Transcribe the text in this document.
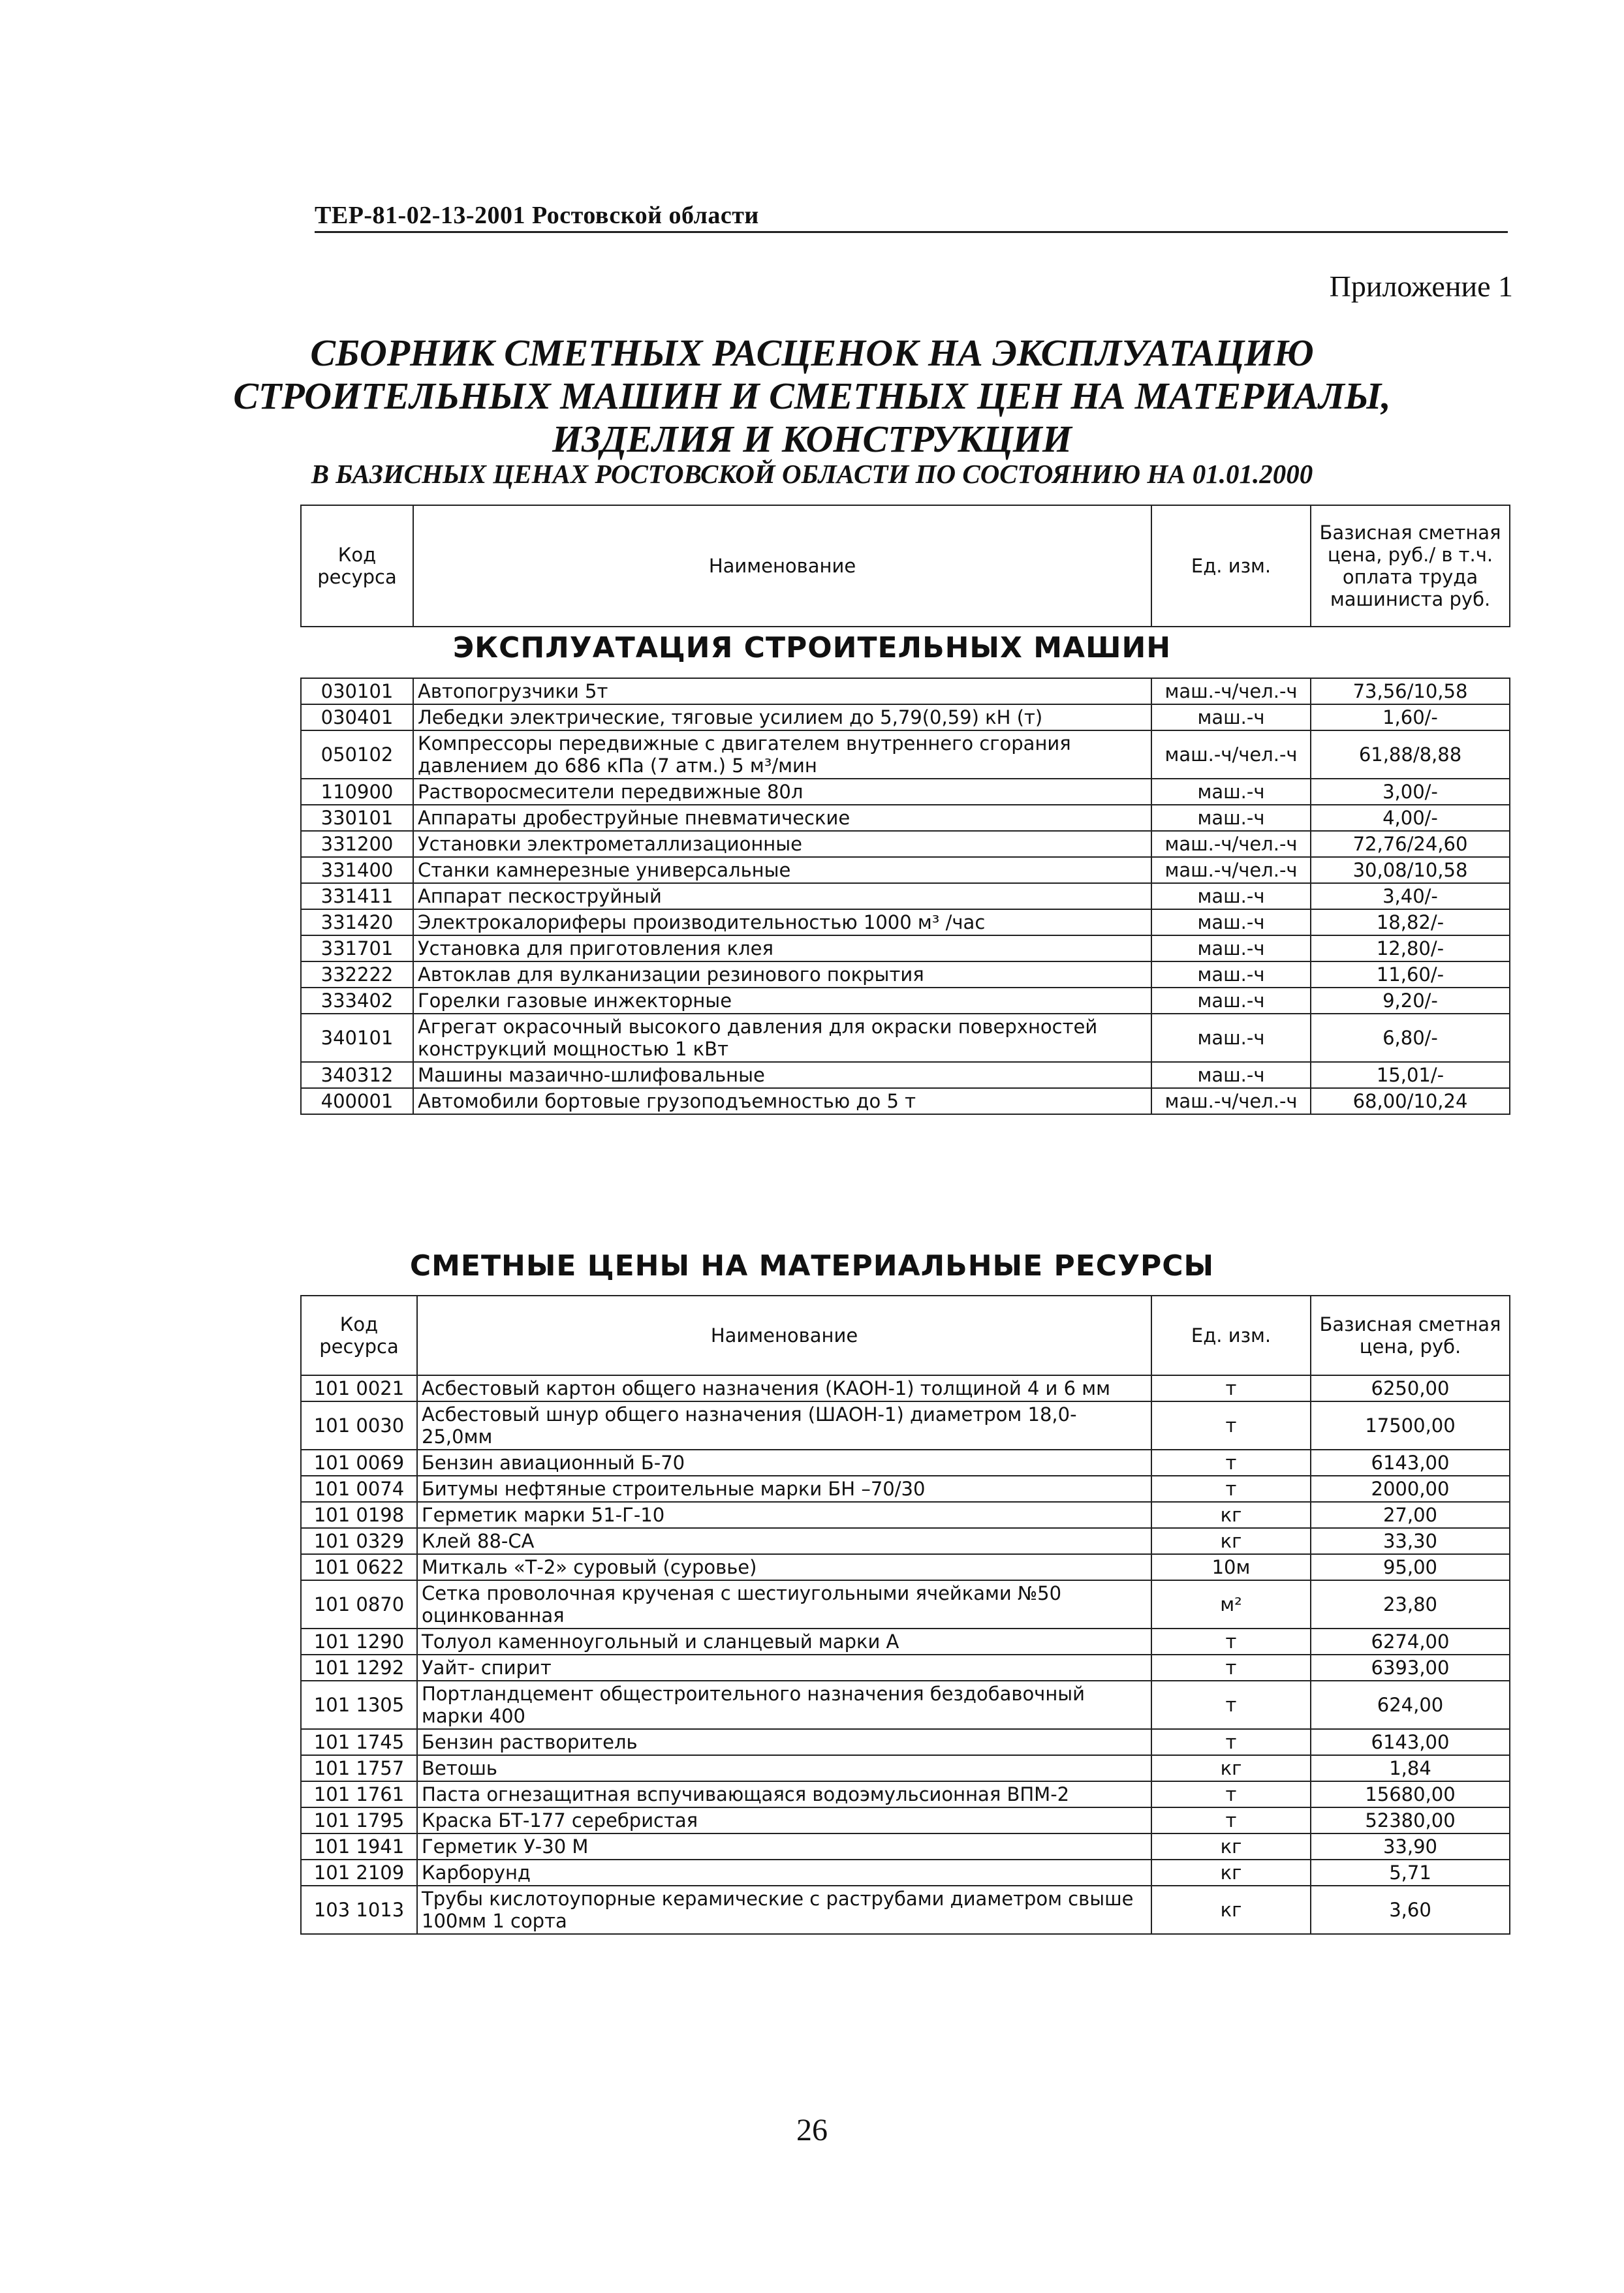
ТЕР-81-02-13-2001 Ростовской области
Приложение 1
СБОРНИК СМЕТНЫХ РАСЦЕНОК НА ЭКСПЛУАТАЦИЮ
СТРОИТЕЛЬНЫХ МАШИН И СМЕТНЫХ ЦЕН НА МАТЕРИАЛЫ,
ИЗДЕЛИЯ И КОНСТРУКЦИИ
В БАЗИСНЫХ ЦЕНАХ РОСТОВСКОЙ ОБЛАСТИ ПО СОСТОЯНИЮ НА 01.01.2000
Код ресурса	Наименование	Ед. изм.	Базисная сметная цена, руб./ в т.ч. оплата труда машиниста руб.
ЭКСПЛУАТАЦИЯ СТРОИТЕЛЬНЫХ МАШИН
030101	Автопогрузчики 5т	маш.-ч/чел.-ч	73,56/10,58
030401	Лебедки электрические, тяговые усилием до 5,79(0,59) кН (т)	маш.-ч	1,60/-
050102	Компрессоры передвижные с двигателем внутреннего сгорания давлением до 686 кПа (7 атм.) 5 м³/мин	маш.-ч/чел.-ч	61,88/8,88
110900	Растворосмесители передвижные 80л	маш.-ч	3,00/-
330101	Аппараты дробеструйные пневматические	маш.-ч	4,00/-
331200	Установки электрометаллизационные	маш.-ч/чел.-ч	72,76/24,60
331400	Станки камнерезные универсальные	маш.-ч/чел.-ч	30,08/10,58
331411	Аппарат пескоструйный	маш.-ч	3,40/-
331420	Электрокалориферы производительностью 1000 м³ /час	маш.-ч	18,82/-
331701	Установка для приготовления клея	маш.-ч	12,80/-
332222	Автоклав для вулканизации резинового покрытия	маш.-ч	11,60/-
333402	Горелки газовые инжекторные	маш.-ч	9,20/-
340101	Агрегат окрасочный высокого давления для окраски поверхностей конструкций мощностью 1 кВт	маш.-ч	6,80/-
340312	Машины мазаично-шлифовальные	маш.-ч	15,01/-
400001	Автомобили бортовые грузоподъемностью до 5 т	маш.-ч/чел.-ч	68,00/10,24
СМЕТНЫЕ ЦЕНЫ НА МАТЕРИАЛЬНЫЕ РЕСУРСЫ
Код ресурса	Наименование	Ед. изм.	Базисная сметная цена, руб.
101 0021	Асбестовый картон общего назначения (КАОН-1) толщиной 4 и 6 мм	т	6250,00
101 0030	Асбестовый шнур общего назначения (ШАОН-1) диаметром 18,0-25,0мм	т	17500,00
101 0069	Бензин авиационный Б-70	т	6143,00
101 0074	Битумы нефтяные строительные марки БН –70/30	т	2000,00
101 0198	Герметик марки 51-Г-10	кг	27,00
101 0329	Клей 88-СА	кг	33,30
101 0622	Миткаль «Т-2» суровый (суровье)	10м	95,00
101 0870	Сетка проволочная крученая с шестиугольными ячейками №50 оцинкованная	м²	23,80
101 1290	Толуол каменноугольный и сланцевый марки А	т	6274,00
101 1292	Уайт- спирит	т	6393,00
101 1305	Портландцемент общестроительного назначения бездобавочный марки 400	т	624,00
101 1745	Бензин растворитель	т	6143,00
101 1757	Ветошь	кг	1,84
101 1761	Паста огнезащитная вспучивающаяся водоэмульсионная ВПМ-2	т	15680,00
101 1795	Краска БТ-177 серебристая	т	52380,00
101 1941	Герметик У-30 М	кг	33,90
101 2109	Карборунд	кг	5,71
103 1013	Трубы кислотоупорные керамические с раструбами диаметром свыше 100мм 1 сорта	кг	3,60
26
